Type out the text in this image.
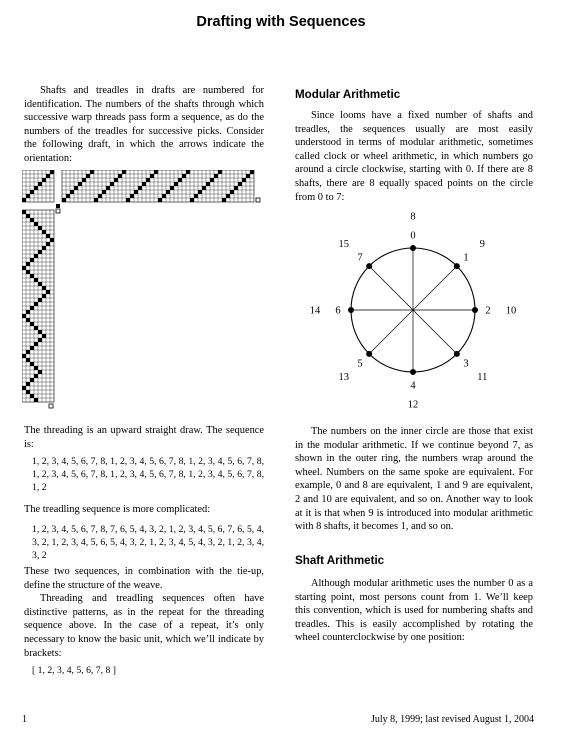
Drafting with Sequences

Shafts and treadles in drafts are numbered for identification. The numbers of the shafts through which successive warp threads pass form a sequence, as do the numbers of the treadles for successive picks. Consider the following draft, in which the arrows indicate the orientation:

The threading is an upward straight draw. The sequence is:

1, 2, 3, 4, 5, 6, 7, 8, 1, 2, 3, 4, 5, 6, 7, 8, 1, 2, 3, 4, 5, 6, 7, 8, 1, 2, 3, 4, 5, 6, 7, 8, 1, 2, 3, 4, 5, 6, 7, 8, 1, 2, 3, 4, 5, 6, 7, 8, 1, 2

The treadling sequence is more complicated:

1, 2, 3, 4, 5, 6, 7, 8, 7, 6, 5, 4, 3, 2, 1, 2, 3, 4, 5, 6, 7, 6, 5, 4, 3, 2, 1, 2, 3, 4, 5, 6, 5, 4, 3, 2, 1, 2, 3, 4, 5, 4, 3, 2, 1, 2, 3, 4, 3, 2

These two sequences, in combination with the tie-up, define the structure of the weave.

Threading and treadling sequences often have distinctive patterns, as in the repeat for the threading sequence above. In the case of a repeat, it’s only necessary to know the basic unit, which we’ll indicate by brackets:

[ 1, 2, 3, 4, 5, 6, 7, 8 ]

Modular Arithmetic

Since looms have a fixed number of shafts and treadles, the sequences usually are most easily understood in terms of modular arithmetic, sometimes called clock or wheel arithmetic, in which numbers go around a circle clockwise, starting with 0. If there are 8 shafts, there are 8 equally spaced points on the circle from 0 to 7:

0
8
1
9
2 10
3
11
4
12
5
13
6
14
7
15

The numbers on the inner circle are those that exist in the modular arithmetic. If we continue beyond 7, as shown in the outer ring, the numbers wrap around the wheel. Numbers on the same spoke are equivalent. For example, 0 and 8 are equivalent, 1 and 9 are equivalent, 2 and 10 are equivalent, and so on. Another way to look at it is that when 9 is introduced into modular arithmetic with 8 shafts, it becomes 1, and so on.

Shaft Arithmetic

Although modular arithmetic uses the number 0 as a starting point, most persons count from 1. We’ll keep this convention, which is used for numbering shafts and treadles. This is easily accomplished by rotating the wheel counterclockwise by one position:

1	July 8, 1999; last revised August 1, 2004
